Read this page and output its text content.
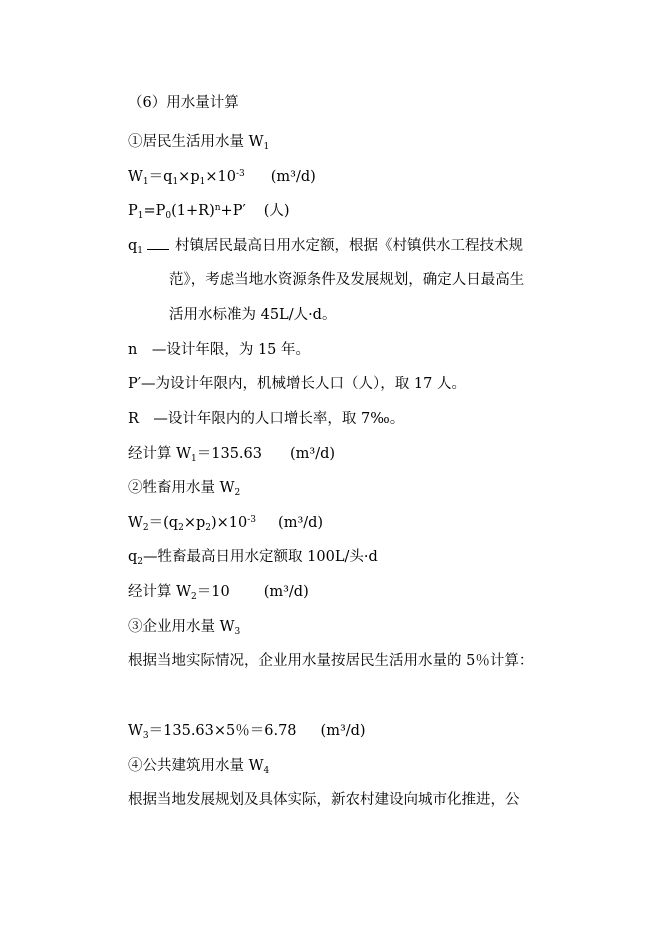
（6）用水量计算
①居民生活用水量 $W_1$
$W_1=q_1\times p_1\times 10^{-3}$ (m³/d)
$P_1=P_0(1+R)^n+P'$ (人)
$q_1$ 村镇居民最高日用水定额，根据《村镇供水工程技术规
范》，考虑当地水资源条件及发展规划，确定人日最高生
活用水标准为 45L/人·d。
n　—设计年限，为 15 年。
P′—为设计年限内，机械增长人口（人），取 17 人。
R　—设计年限内的人口增长率，取 7‰。
经计算 $W_1=135.63$ (m³/d)
②牲畜用水量 $W_2$
$W_2=(q_2\times p_2)\times 10^{-3}$ (m³/d)
$q_2—$牲畜最高日用水定额取 100L/头·d
经计算 $W_2=10$ (m³/d)
③企业用水量 $W_3$
根据当地实际情况，企业用水量按居民生活用水量的 5％计算：
$W_3=135.63\times 5$％＝6.78 (m³/d)
④公共建筑用水量 $W_4$
根据当地发展规划及具体实际，新农村建设向城市化推进，公
